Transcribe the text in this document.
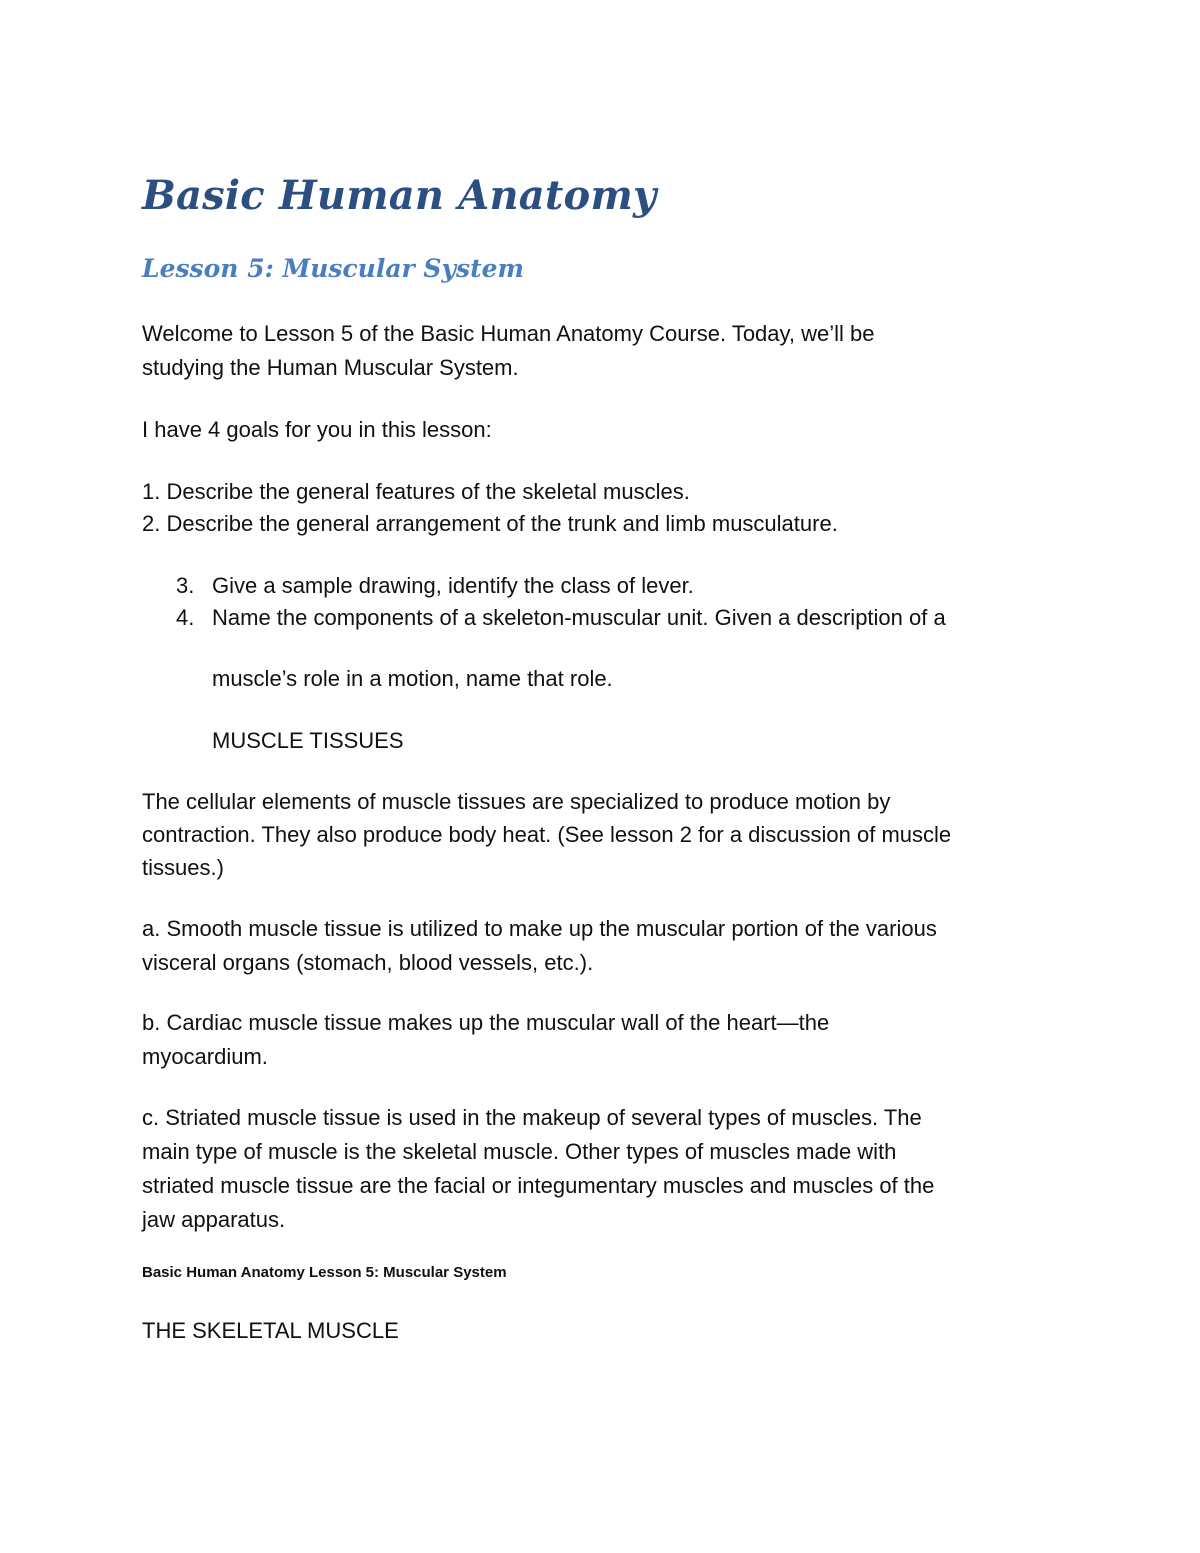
Basic Human Anatomy
Lesson 5: Muscular System

Welcome to Lesson 5 of the Basic Human Anatomy Course. Today, we’ll be

studying the Human Muscular System.

I have 4 goals for you in this lesson:

1. Describe the general features of the skeletal muscles.

2. Describe the general arrangement of the trunk and limb musculature.

3. Give a sample drawing, identify the class of lever.
4. Name the components of a skeleton-muscular unit. Given a description of a
muscle’s role in a motion, name that role.

MUSCLE TISSUES

The cellular elements of muscle tissues are specialized to produce motion by

contraction. They also produce body heat. (See lesson 2 for a discussion of muscle

tissues.)

a. Smooth muscle tissue is utilized to make up the muscular portion of the various

visceral organs (stomach, blood vessels, etc.).

b. Cardiac muscle tissue makes up the muscular wall of the heart—the

myocardium.

c. Striated muscle tissue is used in the makeup of several types of muscles. The

main type of muscle is the skeletal muscle. Other types of muscles made with

striated muscle tissue are the facial or integumentary muscles and muscles of the

jaw apparatus.

Basic Human Anatomy Lesson 5: Muscular System

THE SKELETAL MUSCLE
